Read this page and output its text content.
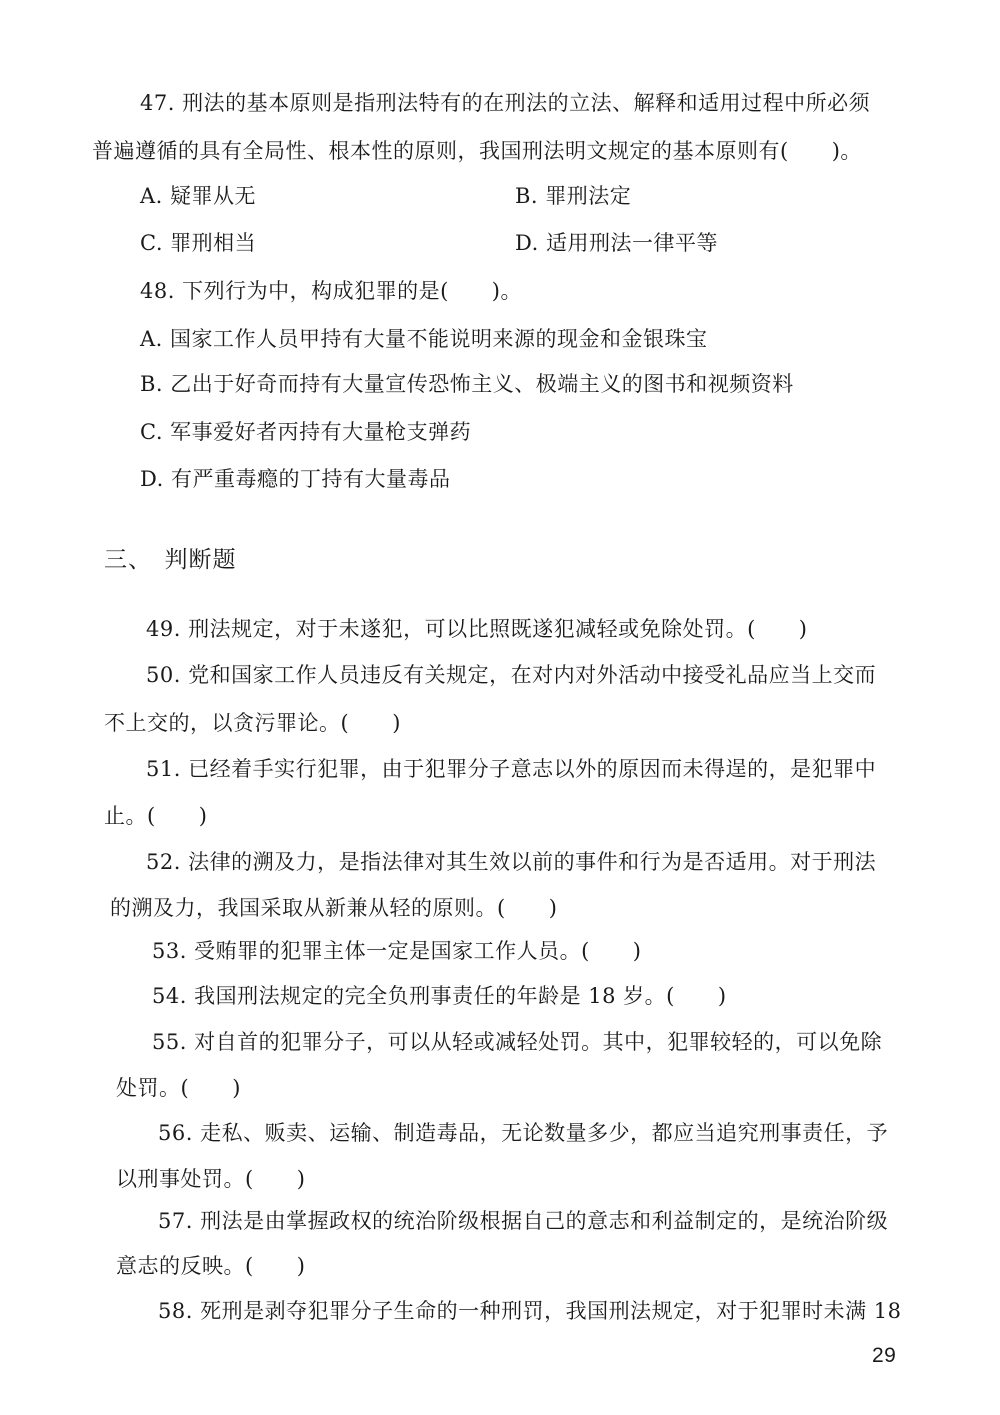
47. 刑法的基本原则是指刑法特有的在刑法的立法、解释和适用过程中所必须
普遍遵循的具有全局性、根本性的原则，我国刑法明文规定的基本原则有(　　)。
A. 疑罪从无	B. 罪刑法定
C. 罪刑相当	D. 适用刑法一律平等
48. 下列行为中，构成犯罪的是(　　)。
A. 国家工作人员甲持有大量不能说明来源的现金和金银珠宝
B. 乙出于好奇而持有大量宣传恐怖主义、极端主义的图书和视频资料
C. 军事爱好者丙持有大量枪支弹药
D. 有严重毒瘾的丁持有大量毒品
三、　判断题
49. 刑法规定，对于未遂犯，可以比照既遂犯减轻或免除处罚。(　　)
50. 党和国家工作人员违反有关规定，在对内对外活动中接受礼品应当上交而
不上交的，以贪污罪论。(　　)
51. 已经着手实行犯罪，由于犯罪分子意志以外的原因而未得逞的，是犯罪中
止。(　　)
52. 法律的溯及力，是指法律对其生效以前的事件和行为是否适用。对于刑法
的溯及力，我国采取从新兼从轻的原则。(　　)
53. 受贿罪的犯罪主体一定是国家工作人员。(　　)
54. 我国刑法规定的完全负刑事责任的年龄是 18 岁。(　　)
55. 对自首的犯罪分子，可以从轻或减轻处罚。其中，犯罪较轻的，可以免除
处罚。(　　)
56. 走私、贩卖、运输、制造毒品，无论数量多少，都应当追究刑事责任，予
以刑事处罚。(　　)
57. 刑法是由掌握政权的统治阶级根据自己的意志和利益制定的，是统治阶级
意志的反映。(　　)
58. 死刑是剥夺犯罪分子生命的一种刑罚，我国刑法规定，对于犯罪时未满 18
29
